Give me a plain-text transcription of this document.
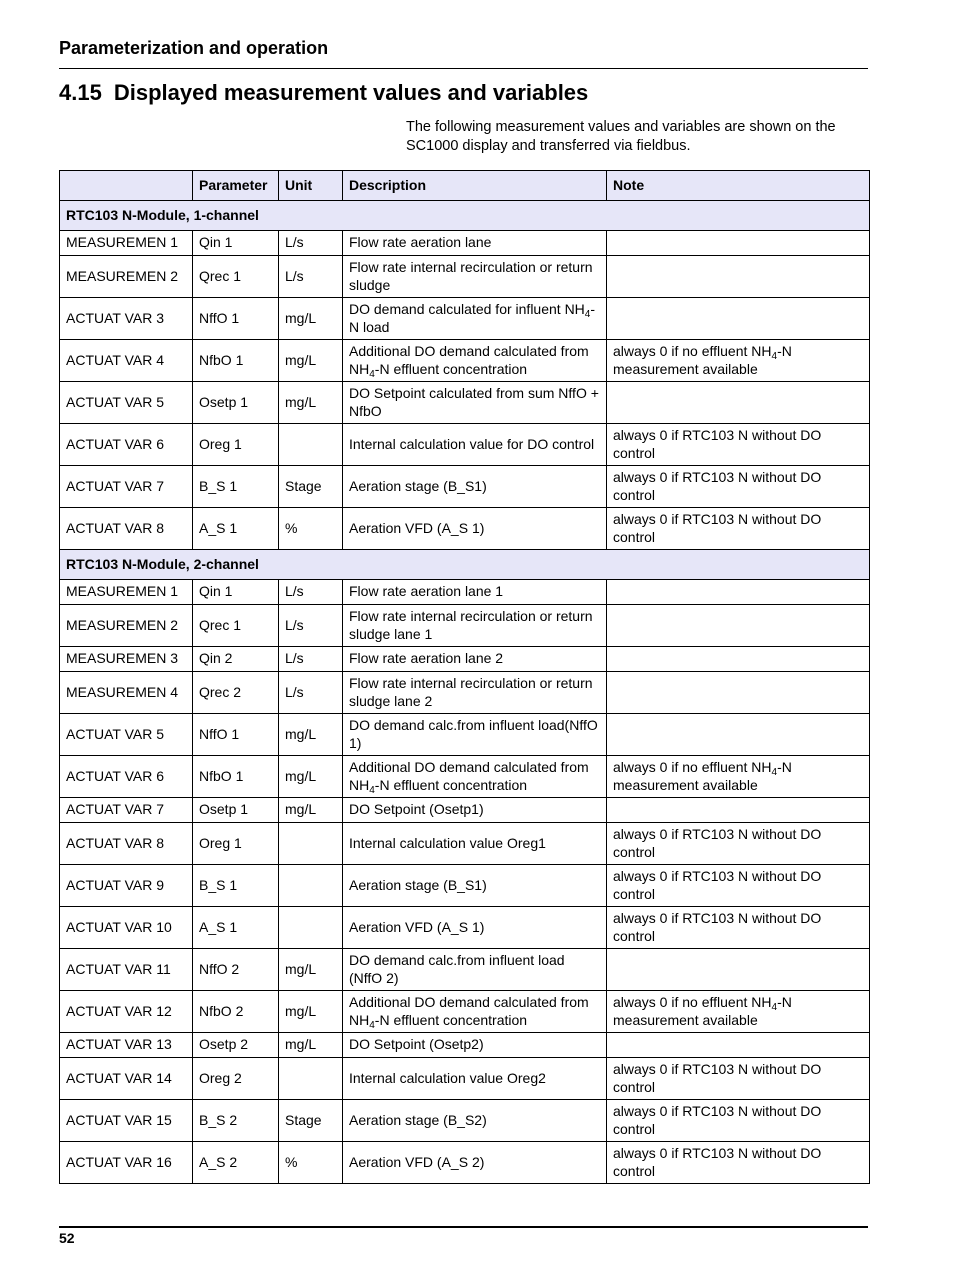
Parameterization and operation
4.15 Displayed measurement values and variables
The following measurement values and variables are shown on the SC1000 display and transferred via fieldbus.
	Parameter	Unit	Description	Note
RTC103 N-Module, 1-channel				
MEASUREMEN 1	Qin 1	L/s	Flow rate aeration lane	
MEASUREMEN 2	Qrec 1	L/s	Flow rate internal recirculation or return sludge	
ACTUAT VAR 3	NffO 1	mg/L	DO demand calculated for influent $NH_4-N$ load	
ACTUAT VAR 4	NfbO 1	mg/L	Additional DO demand calculated from $NH_4-N$ effluent concentration	always 0 if no effluent $NH_4-N$ measurement available
ACTUAT VAR 5	Osetp 1	mg/L	DO Setpoint calculated from sum NffO + NfbO	
ACTUAT VAR 6	Oreg 1		Internal calculation value for DO control	always 0 if RTC103 N without DO control
ACTUAT VAR 7	B_S 1	Stage	Aeration stage (B_S1)	always 0 if RTC103 N without DO control
ACTUAT VAR 8	A_S 1	%	Aeration VFD (A_S 1)	always 0 if RTC103 N without DO control
RTC103 N-Module, 2-channel				
MEASUREMEN 1	Qin 1	L/s	Flow rate aeration lane 1	
MEASUREMEN 2	Qrec 1	L/s	Flow rate internal recirculation or return sludge lane 1	
MEASUREMEN 3	Qin 2	L/s	Flow rate aeration lane 2	
MEASUREMEN 4	Qrec 2	L/s	Flow rate internal recirculation or return sludge lane 2	
ACTUAT VAR 5	NffO 1	mg/L	DO demand calc.from influent load(NffO 1)	
ACTUAT VAR 6	NfbO 1	mg/L	Additional DO demand calculated from $NH_4-N$ effluent concentration	always 0 if no effluent $NH_4-N$ measurement available
ACTUAT VAR 7	Osetp 1	mg/L	DO Setpoint (Osetp1)	
ACTUAT VAR 8	Oreg 1		Internal calculation value Oreg1	always 0 if RTC103 N without DO control
ACTUAT VAR 9	B_S 1		Aeration stage (B_S1)	always 0 if RTC103 N without DO control
ACTUAT VAR 10	A_S 1		Aeration VFD (A_S 1)	always 0 if RTC103 N without DO control
ACTUAT VAR 11	NffO 2	mg/L	DO demand calc.from influent load (NffO 2)	
ACTUAT VAR 12	NfbO 2	mg/L	Additional DO demand calculated from $NH_4-N$ effluent concentration	always 0 if no effluent $NH_4-N$ measurement available
ACTUAT VAR 13	Osetp 2	mg/L	DO Setpoint (Osetp2)	
ACTUAT VAR 14	Oreg 2		Internal calculation value Oreg2	always 0 if RTC103 N without DO control
ACTUAT VAR 15	B_S 2	Stage	Aeration stage (B_S2)	always 0 if RTC103 N without DO control
ACTUAT VAR 16	A_S 2	%	Aeration VFD (A_S 2)	always 0 if RTC103 N without DO control
52
